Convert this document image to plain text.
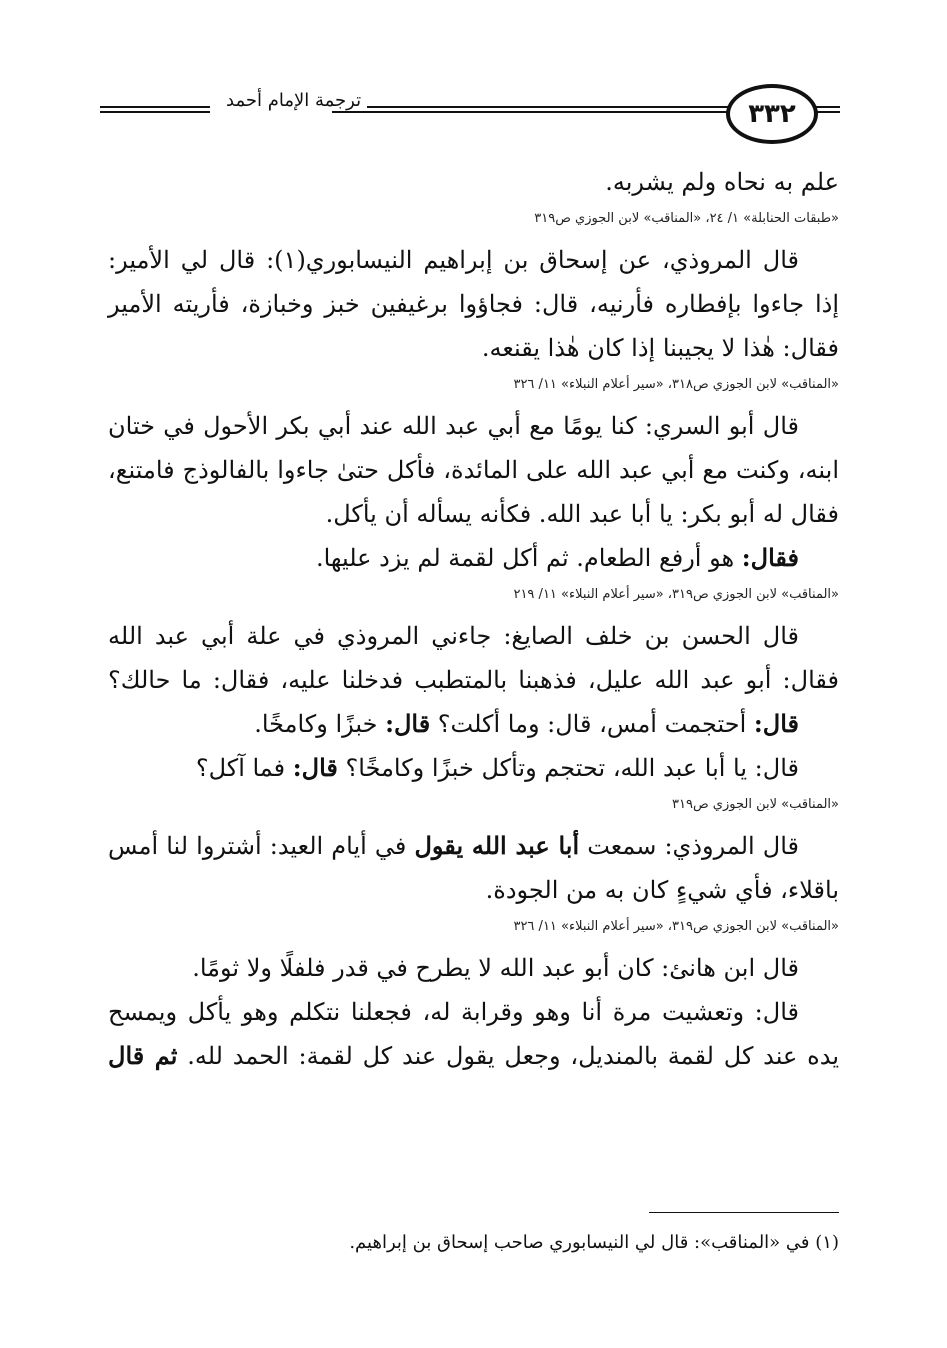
٣٣٢
ترجمة الإمام أحمد
علم به نحاه ولم يشربه.
«طبقات الحنابلة» ١/ ٢٤، «المناقب» لابن الجوزي ص٣١٩
قال المروذي، عن إسحاق بن إبراهيم النيسابوري(١): قال لي الأمير:
إذا جاءوا بإفطاره فأرنيه، قال: فجاؤوا برغيفين خبز وخبازة، فأريته الأمير
فقال: هٰذا لا يجيبنا إذا كان هٰذا يقنعه.
«المناقب» لابن الجوزي ص٣١٨، «سير أعلام النبلاء» ١١/ ٣٢٦
قال أبو السري: كنا يومًا مع أبي عبد الله عند أبي بكر الأحول في ختان
ابنه، وكنت مع أبي عبد الله على المائدة، فأكل حتىٰ جاءوا بالفالوذج فامتنع،
فقال له أبو بكر: يا أبا عبد الله. فكأنه يسأله أن يأكل.
فقال: هو أرفع الطعام. ثم أكل لقمة لم يزد عليها.
«المناقب» لابن الجوزي ص٣١٩، «سير أعلام النبلاء» ١١/ ٢١٩
قال الحسن بن خلف الصايغ: جاءني المروذي في علة أبي عبد الله
فقال: أبو عبد الله عليل، فذهبنا بالمتطبب فدخلنا عليه، فقال: ما حالك؟
قال: أحتجمت أمس، قال: وما أكلت؟ قال: خبزًا وكامخًا.
قال: يا أبا عبد الله، تحتجم وتأكل خبزًا وكامخًا؟ قال: فما آكل؟
«المناقب» لابن الجوزي ص٣١٩
قال المروذي: سمعت أبا عبد الله يقول في أيام العيد: أشتروا لنا أمس
باقلاء، فأي شيءٍ كان به من الجودة.
«المناقب» لابن الجوزي ص٣١٩، «سير أعلام النبلاء» ١١/ ٣٢٦
قال ابن هانئ: كان أبو عبد الله لا يطرح في قدر فلفلًا ولا ثومًا.
قال: وتعشيت مرة أنا وهو وقرابة له، فجعلنا نتكلم وهو يأكل ويمسح
يده عند كل لقمة بالمنديل، وجعل يقول عند كل لقمة: الحمد لله. ثم قال
(١) في «المناقب»: قال لي النيسابوري صاحب إسحاق بن إبراهيم.
